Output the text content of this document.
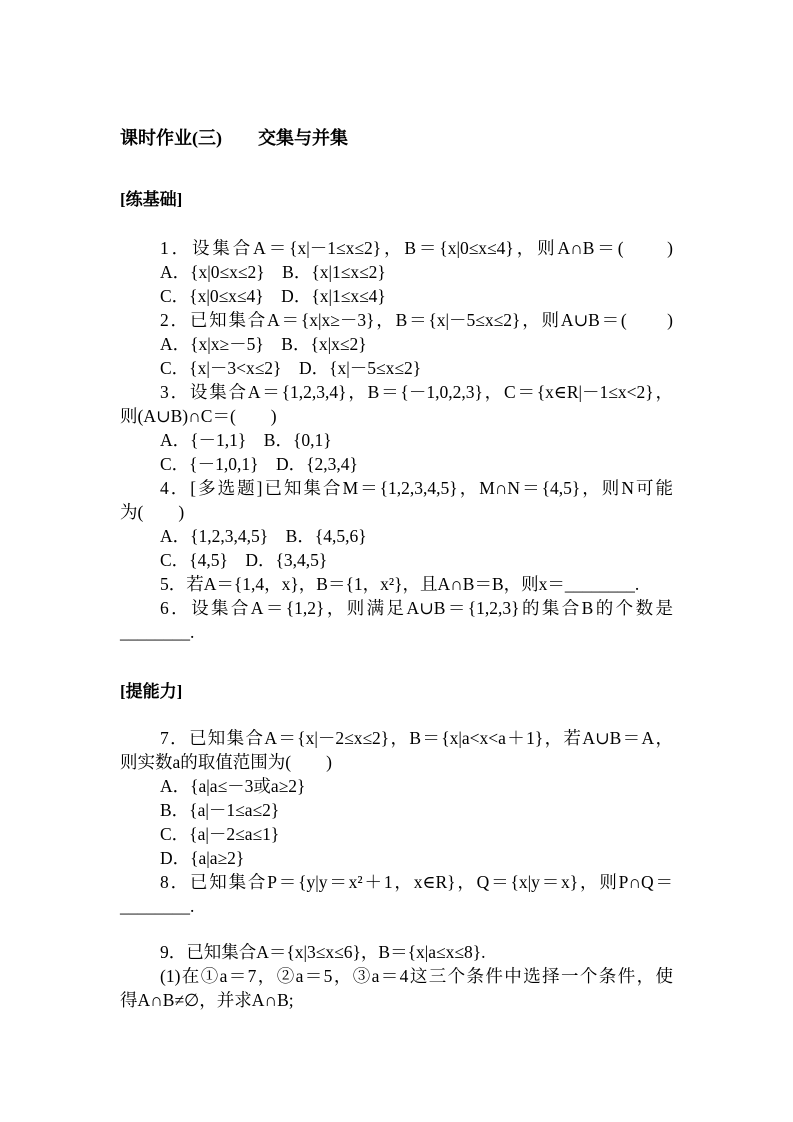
课时作业(三)　　交集与并集
[练基础]

1．设集合A＝{x|－1≤x≤2}，B＝{x|0≤x≤4}，则A∩B＝(　　)

A．{x|0≤x≤2}　B．{x|1≤x≤2}

C．{x|0≤x≤4}　D．{x|1≤x≤4}

2．已知集合A＝{x|x≥－3}，B＝{x|－5≤x≤2}，则A∪B＝(　　)

A．{x|x≥－5}　B．{x|x≤2}

C．{x|－3<x≤2}　D．{x|－5≤x≤2}

3．设集合A＝{1,2,3,4}，B＝{－1,0,2,3}，C＝{x∈R|－1≤x<2}，

则(A∪B)∩C＝(　　)

A．{－1,1}　B．{0,1}

C．{－1,0,1}　D．{2,3,4}

4．[多选题]已知集合M＝{1,2,3,4,5}，M∩N＝{4,5}，则N可能

为(　　)

A．{1,2,3,4,5}　B．{4,5,6}

C．{4,5}　D．{3,4,5}

5．若A＝{1,4，x}，B＝{1，x²}，且A∩B＝B，则x＝________.

6．设集合A＝{1,2}，则满足A∪B＝{1,2,3}的集合B的个数是

________.

[提能力]

7．已知集合A＝{x|－2≤x≤2}，B＝{x|a<x<a＋1}，若A∪B＝A，

则实数a的取值范围为(　　)

A．{a|a≤－3或a≥2}

B．{a|－1≤a≤2}

C．{a|－2≤a≤1}

D．{a|a≥2}

8．已知集合P＝{y|y＝x²＋1，x∈R}，Q＝{x|y＝x}，则P∩Q＝

________.

9．已知集合A＝{x|3≤x≤6}，B＝{x|a≤x≤8}.

(1)在①a＝7，②a＝5，③a＝4这三个条件中选择一个条件，使

得A∩B≠∅，并求A∩B;
